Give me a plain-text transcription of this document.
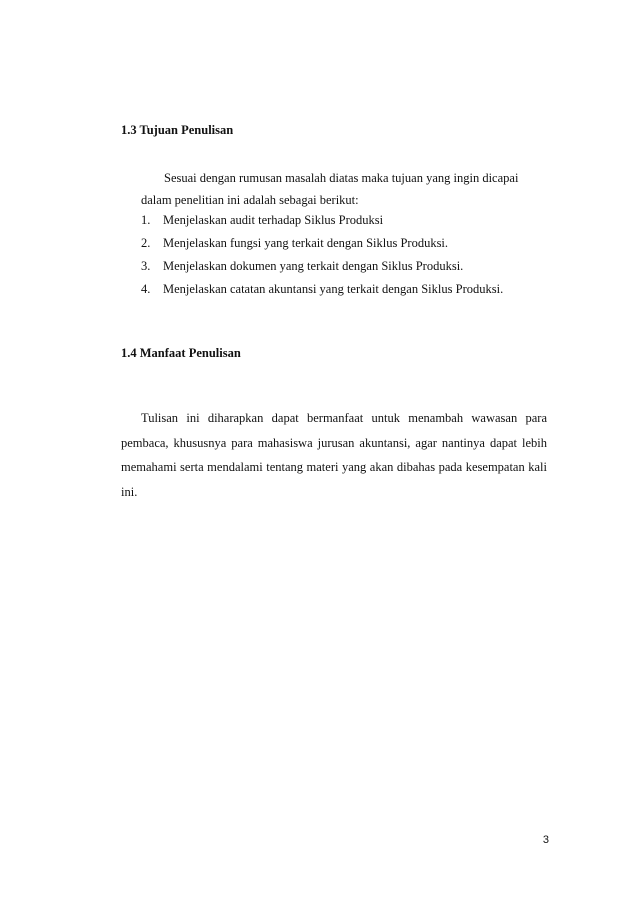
1.3 Tujuan Penulisan
Sesuai dengan rumusan masalah diatas maka tujuan yang ingin dicapai
dalam penelitian ini adalah sebagai berikut:
1. Menjelaskan audit terhadap Siklus Produksi
2. Menjelaskan fungsi yang terkait dengan Siklus Produksi.
3. Menjelaskan dokumen yang terkait dengan Siklus Produksi.
4. Menjelaskan catatan akuntansi yang terkait dengan Siklus Produksi.
1.4 Manfaat Penulisan

Tulisan ini diharapkan dapat bermanfaat untuk menambah wawasan para pembaca, khususnya para mahasiswa jurusan akuntansi, agar nantinya dapat lebih memahami serta mendalami tentang materi yang akan dibahas pada kesempatan kali ini.

3
